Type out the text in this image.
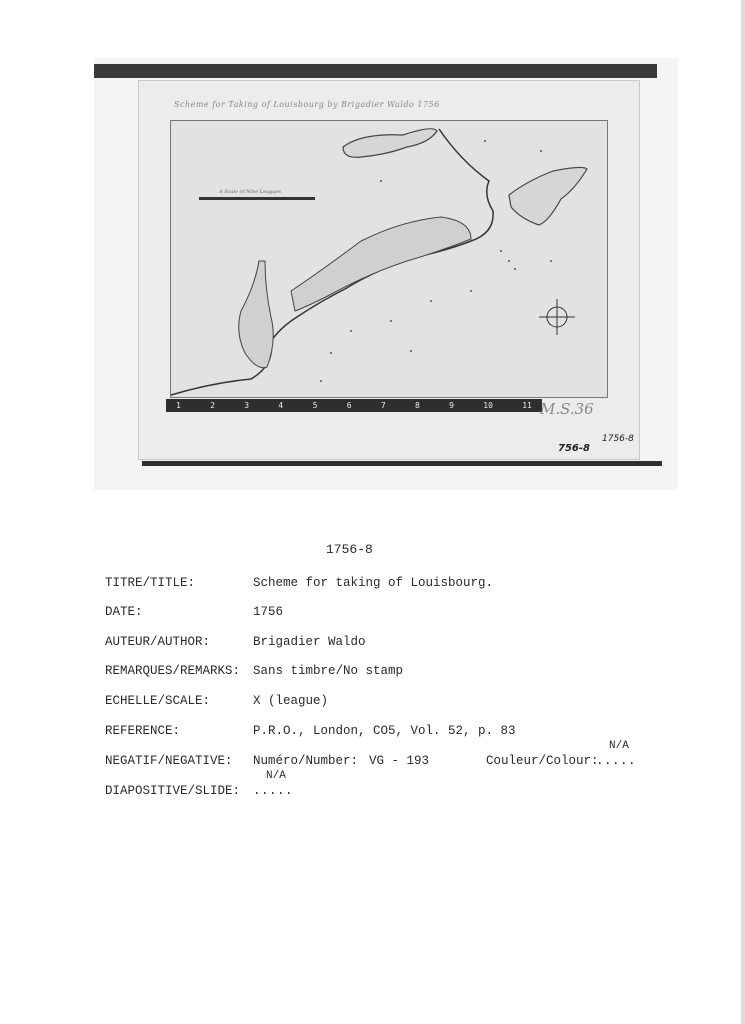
Scheme for Taking of Louisbourg by Brigadier Waldo 1756
A Scale of Nine Leagues
1	2	3	4	5	6	7	8	9	10	11 M.S.36
1756-8
756-8
1756-8
TITRE/TITLE:	Scheme for taking of Louisbourg.
DATE:	1756
AUTEUR/AUTHOR:	Brigadier Waldo
REMARQUES/REMARKS: Sans timbre/No stamp
ECHELLE/SCALE:	X (league)
REFERENCE:	P.R.O., London, CO5, Vol. 52, p. 83
NEGATIF/NEGATIVE: Numéro/Number: VG - 193	Couleur/Colour:
N/A
.....
DIAPOSITIVE/SLIDE:
N/A
.....
